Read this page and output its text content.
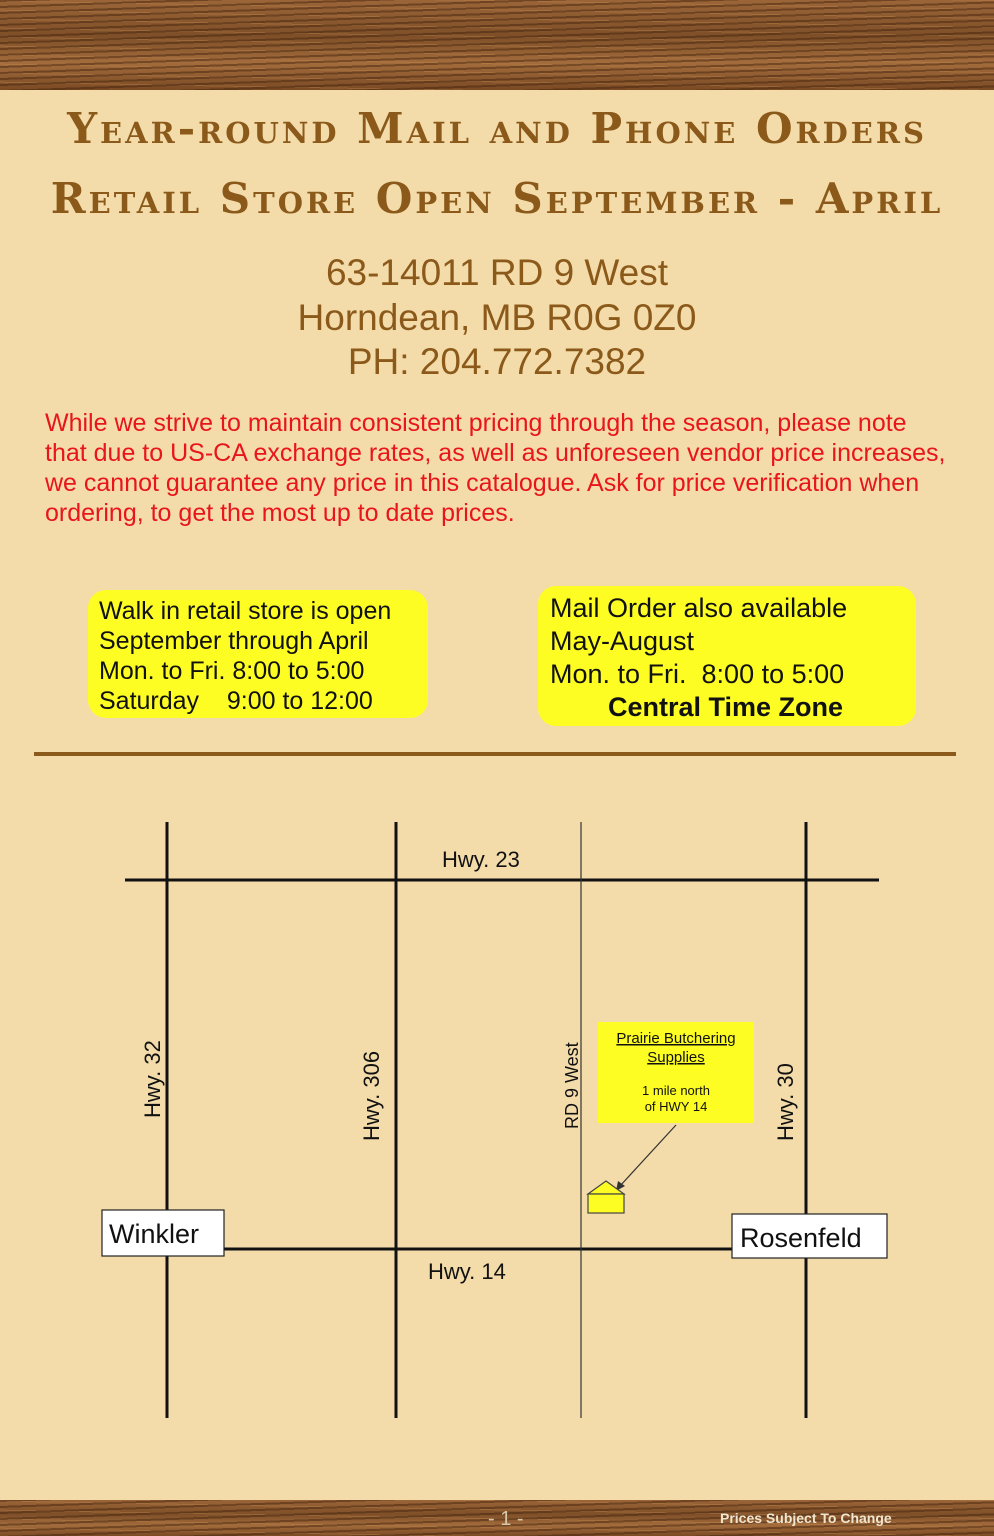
Year-round Mail and Phone Orders
Retail Store Open September - April
63-14011 RD 9 West
Horndean, MB R0G 0Z0
PH: 204.772.7382
While we strive to maintain consistent pricing through the season, please note that due to US-CA exchange rates, as well as unforeseen vendor price increases, we cannot guarantee any price in this catalogue. Ask for price verification when ordering, to get the most up to date prices.
Walk in retail store is open
September through April
Mon. to Fri. 8:00 to 5:00
Saturday    9:00 to 12:00
Mail Order also available
May-August
Mon. to Fri.  8:00 to 5:00
Central Time Zone
Hwy. 23
Hwy. 14
Hwy. 32	Hwy. 306	RD 9 West	Hwy. 30
Winkler	Rosenfeld
Prairie Butchering
Supplies
1 mile north
of HWY 14
- 1 -	Prices Subject To Change
